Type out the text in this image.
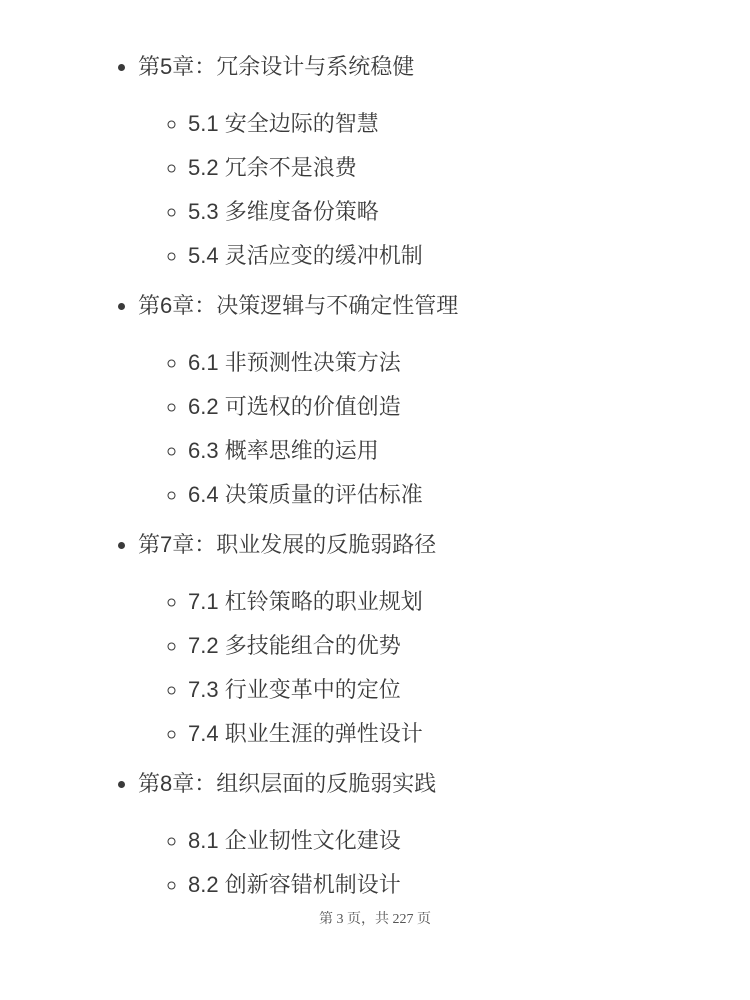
• 第5章：冗余设计与系统稳健
◦ 5.1 安全边际的智慧
◦ 5.2 冗余不是浪费
◦ 5.3 多维度备份策略
◦ 5.4 灵活应变的缓冲机制
• 第6章：决策逻辑与不确定性管理
◦ 6.1 非预测性决策方法
◦ 6.2 可选权的价值创造
◦ 6.3 概率思维的运用
◦ 6.4 决策质量的评估标准
• 第7章：职业发展的反脆弱路径
◦ 7.1 杠铃策略的职业规划
◦ 7.2 多技能组合的优势
◦ 7.3 行业变革中的定位
◦ 7.4 职业生涯的弹性设计
• 第8章：组织层面的反脆弱实践
◦ 8.1 企业韧性文化建设
◦ 8.2 创新容错机制设计
第 3 页，共 227 页
